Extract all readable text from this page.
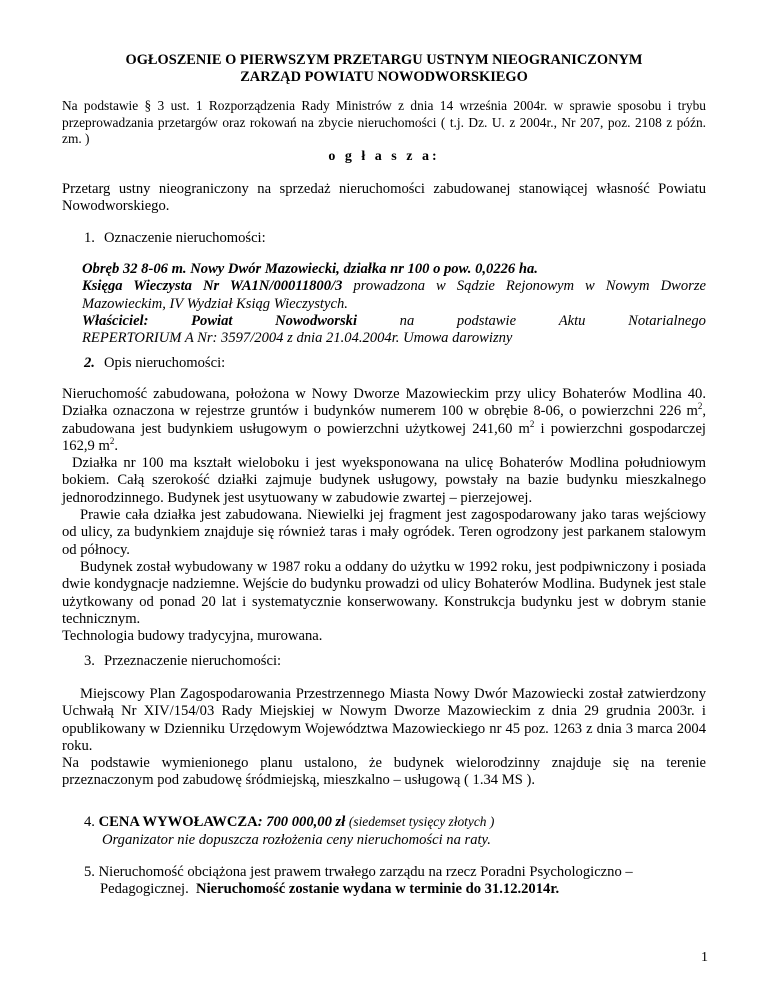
OGŁOSZENIE O PIERWSZYM PRZETARGU USTNYM NIEOGRANICZONYM
ZARZĄD POWIATU NOWODWORSKIEGO
Na podstawie § 3 ust. 1 Rozporządzenia Rady Ministrów z dnia 14 września 2004r. w sprawie sposobu i trybu przeprowadzania przetargów oraz rokowań na zbycie nieruchomości ( t.j. Dz. U. z 2004r., Nr 207, poz. 2108 z późn. zm. )
o g ł a s z a:
Przetarg ustny nieograniczony na sprzedaż nieruchomości zabudowanej stanowiącej własność Powiatu Nowodworskiego.
1. Oznaczenie nieruchomości:
Obręb 32 8-06 m. Nowy Dwór Mazowiecki, działka nr 100 o pow. 0,0226 ha.
Księga Wieczysta Nr WA1N/00011800/3 prowadzona w Sądzie Rejonowym w Nowym Dworze
Mazowieckim, IV Wydział Ksiąg Wieczystych.
Właściciel:	Powiat	Nowodworski	na	podstawie	Aktu	Notarialnego
REPERTORIUM A Nr: 3597/2004 z dnia 21.04.2004r. Umowa darowizny
2. Opis nieruchomości:
Nieruchomość zabudowana, położona w Nowy Dworze Mazowieckim przy ulicy Bohaterów Modlina 40. Działka oznaczona w rejestrze gruntów i budynków numerem 100 w obrębie 8-06, o powierzchni 226 $m^2$, zabudowana jest budynkiem usługowym o powierzchni użytkowej 241,60 $m^2$ i powierzchni gospodarczej 162,9 $m^2$.
Działka nr 100 ma kształt wieloboku i jest wyeksponowana na ulicę Bohaterów Modlina południowym bokiem. Całą szerokość działki zajmuje budynek usługowy, powstały na bazie budynku mieszkalnego jednorodzinnego. Budynek jest usytuowany w zabudowie zwartej – pierzejowej.
Prawie cała działka jest zabudowana. Niewielki jej fragment jest zagospodarowany jako taras wejściowy od ulicy, za budynkiem znajduje się również taras i mały ogródek. Teren ogrodzony jest parkanem stalowym od północy.
Budynek został wybudowany w 1987 roku a oddany do użytku w 1992 roku, jest podpiwniczony i posiada dwie kondygnacje nadziemne. Wejście do budynku prowadzi od ulicy Bohaterów Modlina. Budynek jest stale użytkowany od ponad 20 lat i systematycznie konserwowany. Konstrukcja budynku jest w dobrym stanie technicznym.
Technologia budowy tradycyjna, murowana.
3. Przeznaczenie nieruchomości:
Miejscowy Plan Zagospodarowania Przestrzennego Miasta Nowy Dwór Mazowiecki został zatwierdzony Uchwałą Nr XIV/154/03 Rady Miejskiej w Nowym Dworze Mazowieckim z dnia 29 grudnia 2003r. i opublikowany w Dzienniku Urzędowym Województwa Mazowieckiego nr 45 poz. 1263 z dnia 3 marca 2004 roku.
Na podstawie wymienionego planu ustalono, że budynek wielorodzinny znajduje się na terenie przeznaczonym pod zabudowę śródmiejską, mieszkalno – usługową ( 1.34 MS ).
4. CENA WYWOŁAWCZA: 700 000,00 zł (siedemset tysięcy złotych )
Organizator nie dopuszcza rozłożenia ceny nieruchomości na raty.
5. Nieruchomość obciążona jest prawem trwałego zarządu na rzecz Poradni Psychologiczno –
Pedagogicznej. Nieruchomość zostanie wydana w terminie do 31.12.2014r.
1
